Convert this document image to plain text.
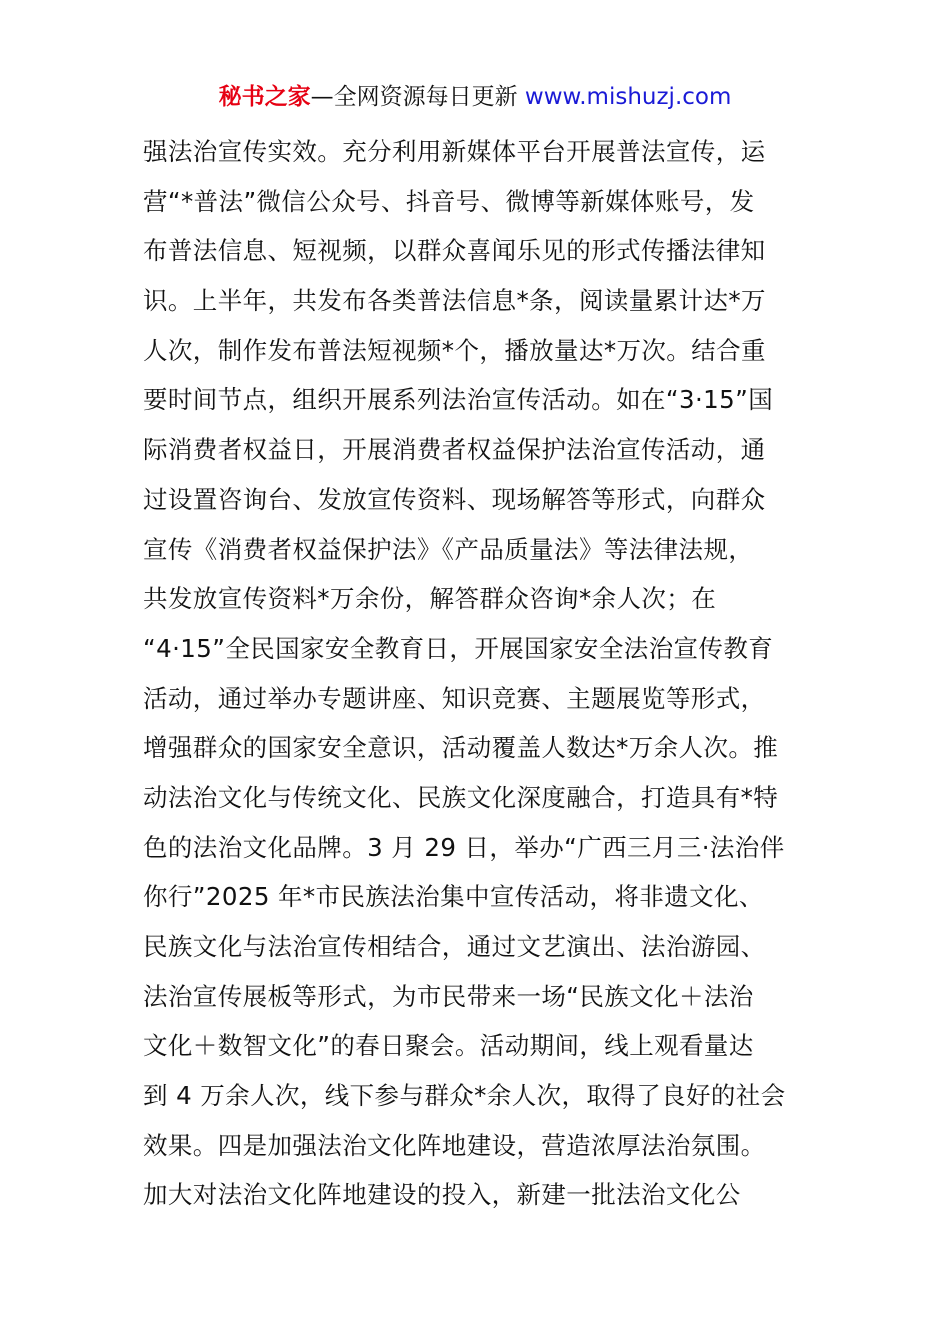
秘书之家—全网资源每日更新 www.mishuzj.com
强法治宣传实效。充分利用新媒体平台开展普法宣传，运
营“*普法”微信公众号、抖音号、微博等新媒体账号，发
布普法信息、短视频，以群众喜闻乐见的形式传播法律知
识。上半年，共发布各类普法信息*条，阅读量累计达*万
人次，制作发布普法短视频*个，播放量达*万次。结合重
要时间节点，组织开展系列法治宣传活动。如在“3·15”国
际消费者权益日，开展消费者权益保护法治宣传活动，通
过设置咨询台、发放宣传资料、现场解答等形式，向群众
宣传《消费者权益保护法》《产品质量法》等法律法规，
共发放宣传资料*万余份，解答群众咨询*余人次；在
“4·15”全民国家安全教育日，开展国家安全法治宣传教育
活动，通过举办专题讲座、知识竞赛、主题展览等形式，
增强群众的国家安全意识，活动覆盖人数达*万余人次。推
动法治文化与传统文化、民族文化深度融合，打造具有*特
色的法治文化品牌。3 月 29 日，举办“广西三月三·法治伴
你行”2025 年*市民族法治集中宣传活动，将非遗文化、
民族文化与法治宣传相结合，通过文艺演出、法治游园、
法治宣传展板等形式，为市民带来一场“民族文化＋法治
文化＋数智文化”的春日聚会。活动期间，线上观看量达
到 4 万余人次，线下参与群众*余人次，取得了良好的社会
效果。四是加强法治文化阵地建设，营造浓厚法治氛围。
加大对法治文化阵地建设的投入，新建一批法治文化公
